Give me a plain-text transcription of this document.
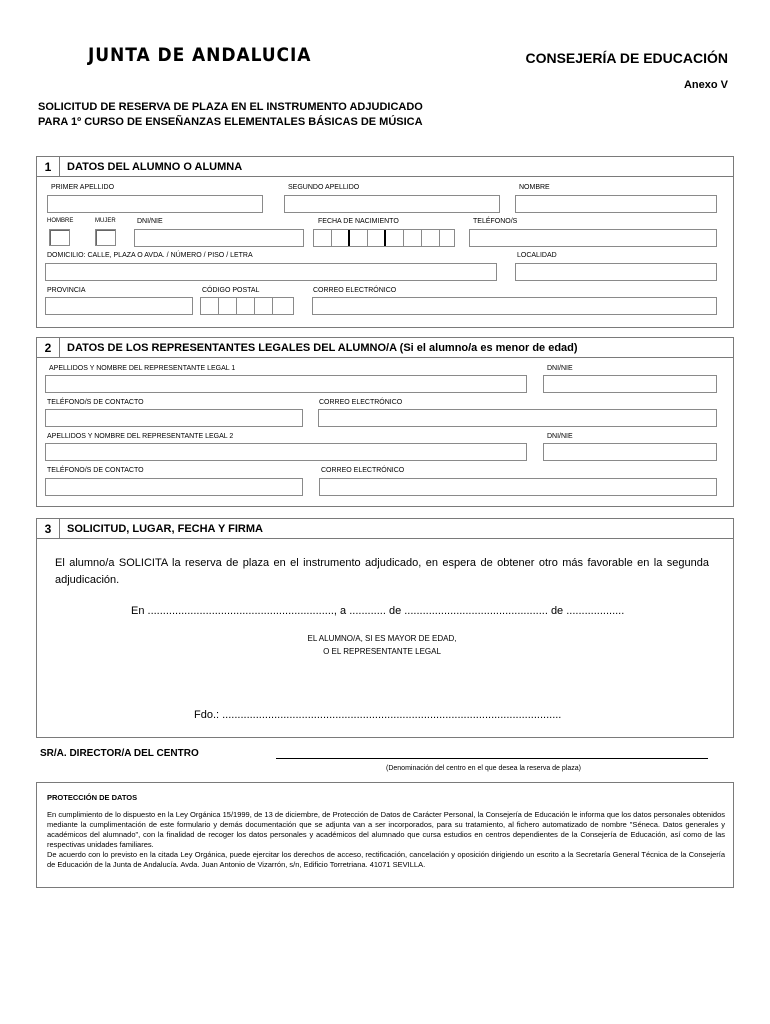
JUNTA DE ANDALUCIA	CONSEJERÍA DE EDUCACIÓN
Anexo V
SOLICITUD DE RESERVA DE PLAZA EN EL INSTRUMENTO ADJUDICADO
PARA 1º CURSO DE ENSEÑANZAS ELEMENTALES BÁSICAS DE MÚSICA
1	DATOS DEL ALUMNO O ALUMNA
PRIMER APELLIDO	SEGUNDO APELLIDO	NOMBRE
HOMBRE	MUJER	DNI/NIE	FECHA DE NACIMIENTO	TELÉFONO/S
DOMICILIO: CALLE, PLAZA O AVDA. / NÚMERO / PISO / LETRA	LOCALIDAD
PROVINCIA	CÓDIGO POSTAL	CORREO ELECTRÓNICO
2	DATOS DE LOS REPRESENTANTES LEGALES DEL ALUMNO/A (Si el alumno/a es menor de edad)
APELLIDOS Y NOMBRE DEL REPRESENTANTE LEGAL 1	DNI/NIE
TELÉFONO/S DE CONTACTO	CORREO ELECTRÓNICO
APELLIDOS Y NOMBRE DEL REPRESENTANTE LEGAL 2	DNI/NIE
TELÉFONO/S DE CONTACTO	CORREO ELECTRÓNICO
3	SOLICITUD, LUGAR, FECHA Y FIRMA
El alumno/a SOLICITA la reserva de plaza en el instrumento adjudicado, en espera de obtener otro más favorable en la segunda adjudicación.
En ............................................................., a ............ de ............................................... de ...................
EL ALUMNO/A, SI ES MAYOR DE EDAD,
O EL REPRESENTANTE LEGAL
Fdo.: ...............................................................................................................
SR/A. DIRECTOR/A DEL CENTRO
(Denominación del centro en el que desea la reserva de plaza)
PROTECCIÓN DE DATOS
En cumplimiento de lo dispuesto en la Ley Orgánica 15/1999, de 13 de diciembre, de Protección de Datos de Carácter Personal, la Consejería de Educación le informa que los datos personales obtenidos mediante la cumplimentación de este formulario y demás documentación que se adjunta van a ser incorporados, para su tratamiento, al fichero automatizado de nombre "Séneca. Datos generales y académicos del alumnado", con la finalidad de recoger los datos personales y académicos del alumnado que cursa estudios en centros dependientes de la Consejería de Educación, así como de las respectivas unidades familiares.
De acuerdo con lo previsto en la citada Ley Orgánica, puede ejercitar los derechos de acceso, rectificación, cancelación y oposición dirigiendo un escrito a la Secretaría General Técnica de la Consejería de Educación de la Junta de Andalucía. Avda. Juan Antonio de Vizarrón, s/n, Edificio Torretriana. 41071 SEVILLA.
